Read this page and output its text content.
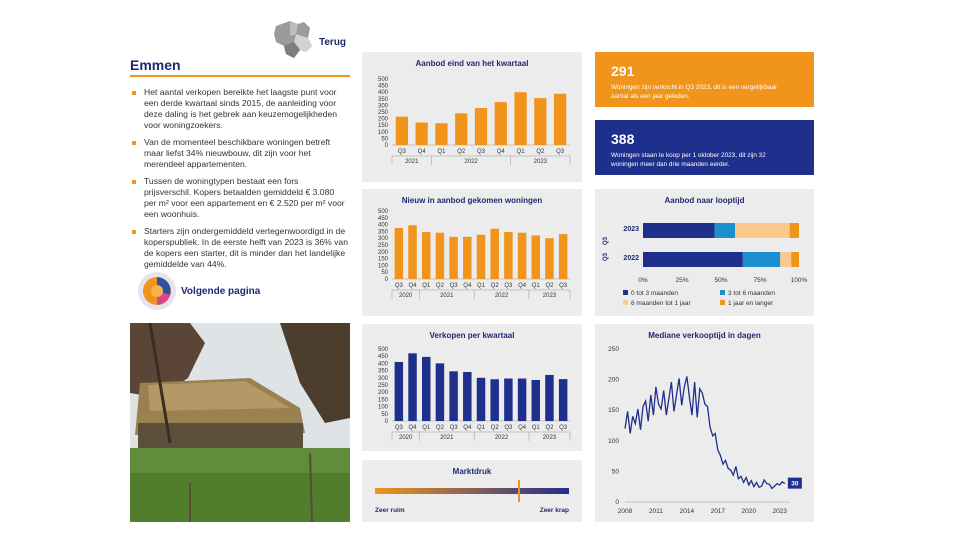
Terug
Emmen
Het aantal verkopen bereikte het laagste punt voor een derde kwartaal sinds 2015, de aanleiding voor deze daling is het gebrek aan keuzemogelijkheden voor woningzoekers.
Van de momenteel beschikbare woningen betreft maar liefst 34% nieuwbouw, dit zijn voor het merendeel appartementen.
Tussen de woningtypen bestaat een fors prijsverschil. Kopers betaalden gemiddeld € 3.080 per m² voor een appartement en € 2.520 per m² voor een woonhuis.
Starters zijn ondergemiddeld vertegenwoordigd in de koperspubliek. In de eerste helft van 2023 is 36% van de kopers een starter, dit is minder dan het landelijke gemiddelde van 44%.
Volgende pagina
Aanbod eind van het kwartaal
0
50
100
150
200
250
300
350
400
450
500
Q3 Q4 Q1 Q2 Q3 Q4 Q1 Q2 Q3
2021	2022	2023
Nieuw in aanbod gekomen woningen
0
50
100
150
200
250
300
350
400
450
500
Q3 Q4 Q1 Q2 Q3 Q4 Q1 Q2 Q3 Q4 Q1 Q2 Q3
2020	2021	2022	2023
Verkopen per kwartaal
0
50
100
150
200
250
300
350
400
450
500
Q3 Q4 Q1 Q2 Q3 Q4 Q1 Q2 Q3 Q4 Q1 Q2 Q3
2020	2021	2022	2023
Marktdruk
Zeer ruim	Zeer krap
291
Woningen zijn verkocht in Q3 2023, dit is een vergelijkbaar aantal als een jaar geleden.
388
Woningen staan te koop per 1 oktober 2023, dit zijn 32 woningen meer dan drie maanden eerder.
Aanbod naar looptijd
Q3
Q3
2023
2022
0%	25%	50%	75%	100%
0 tot 3 maanden	3 tot 6 maanden
6 maanden tot 1 jaar	1 jaar en langer
Mediane verkooptijd in dagen
0
50
100
150
200
250
2008	2011	2014	2017	2020	2023
30
